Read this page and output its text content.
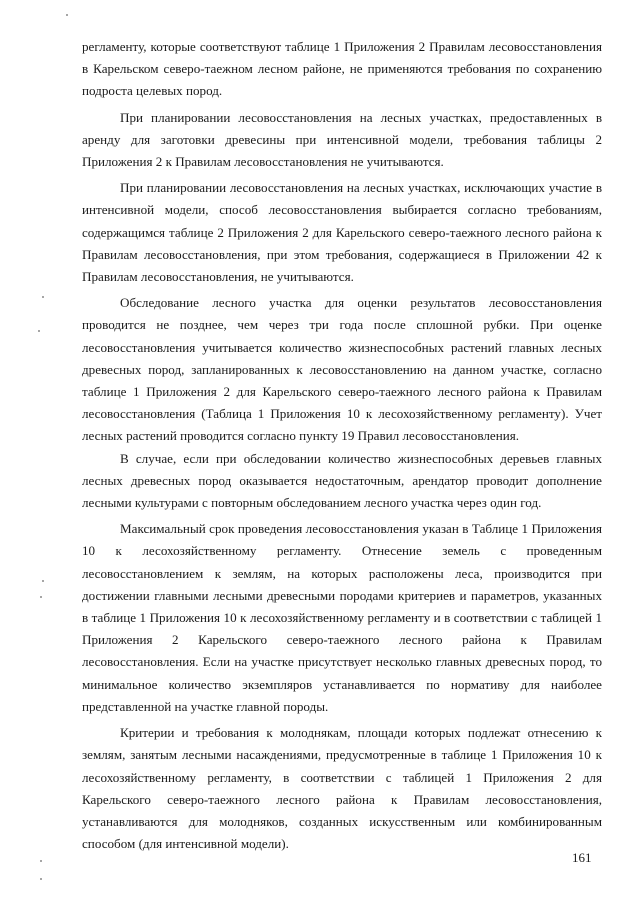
регламенту, которые соответствуют таблице 1 Приложения 2 Правилам лесовосстановления в Карельском северо-таежном лесном районе, не применяются требования по сохранению подроста целевых пород.

При планировании лесовосстановления на лесных участках, предоставленных в аренду для заготовки древесины при интенсивной модели, требования таблицы 2 Приложения 2 к Правилам лесовосстановления не учитываются.

При планировании лесовосстановления на лесных участках, исключающих участие в интенсивной модели, способ лесовосстановления выбирается согласно требованиям, содержащимся таблице 2 Приложения 2 для Карельского северо-таежного лесного района к Правилам лесовосстановления, при этом требования, содержащиеся в Приложении 42 к Правилам лесовосстановления, не учитываются.

Обследование лесного участка для оценки результатов лесовосстановления проводится не позднее, чем через три года после сплошной рубки. При оценке лесовосстановления учитывается количество жизнеспособных растений главных лесных древесных пород, запланированных к лесовосстановлению на данном участке, согласно таблице 1 Приложения 2 для Карельского северо-таежного лесного района к Правилам лесовосстановления (Таблица 1 Приложения 10 к лесохозяйственному регламенту). Учет лесных растений проводится согласно пункту 19 Правил лесовосстановления.

В случае, если при обследовании количество жизнеспособных деревьев главных лесных древесных пород оказывается недостаточным, арендатор проводит дополнение лесными культурами с повторным обследованием лесного участка через один год.

Максимальный срок проведения лесовосстановления указан в Таблице 1 Приложения 10 к лесохозяйственному регламенту. Отнесение земель с проведенным лесовосстановлением к землям, на которых расположены леса, производится при достижении главными лесными древесными породами критериев и параметров, указанных в таблице 1 Приложения 10 к лесохозяйственному регламенту и в соответствии с таблицей 1 Приложения 2 Карельского северо-таежного лесного района к Правилам лесовосстановления. Если на участке присутствует несколько главных древесных пород, то минимальное количество экземпляров устанавливается по нормативу для наиболее представленной на участке главной породы.

Критерии и требования к молоднякам, площади которых подлежат отнесению к землям, занятым лесными насаждениями, предусмотренные в таблице 1 Приложения 10 к лесохозяйственному регламенту, в соответствии с таблицей 1 Приложения 2 для Карельского северо-таежного лесного района к Правилам лесовосстановления, устанавливаются для молодняков, созданных искусственным или комбинированным способом (для интенсивной модели).

161
